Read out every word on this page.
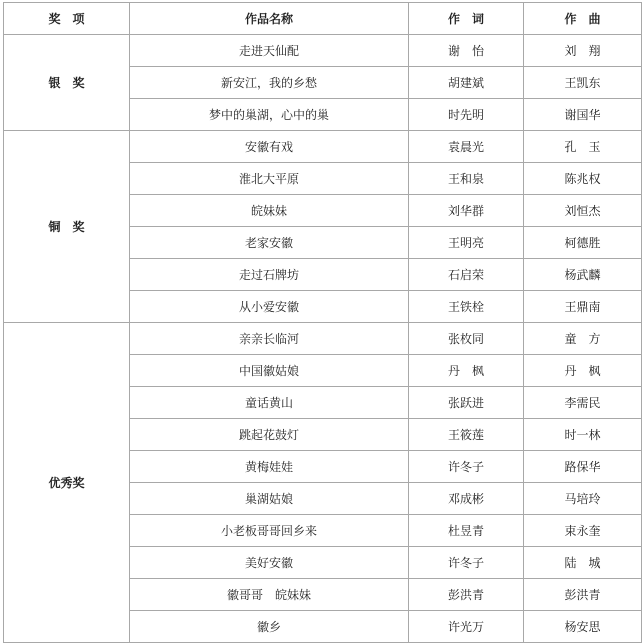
奖　项	作品名称	作　词	作　曲
银　奖	走进天仙配	谢　怡	刘　翔
	新安江，我的乡愁	胡建斌	王凯东
	梦中的巢湖，心中的巢	时先明	谢国华
铜　奖	安徽有戏	袁晨光	孔　玉
	淮北大平原	王和泉	陈兆权
	皖妹妹	刘华群	刘恒杰
	老家安徽	王明亮	柯德胜
	走过石牌坊	石启荣	杨武麟
	从小爱安徽	王铁栓	王鼎南
优秀奖	亲亲长临河	张枚同	童　方
	中国徽姑娘	丹　枫	丹　枫
	童话黄山	张跃进	李需民
	跳起花鼓灯	王筱莲	时一林
	黄梅娃娃	许冬子	路保华
	巢湖姑娘	邓成彬	马培玲
	小老板哥哥回乡来	杜昱青	束永奎
	美好安徽	许冬子	陆　城
	徽哥哥　皖妹妹	彭洪青	彭洪青
	徽乡	许光万	杨安思
